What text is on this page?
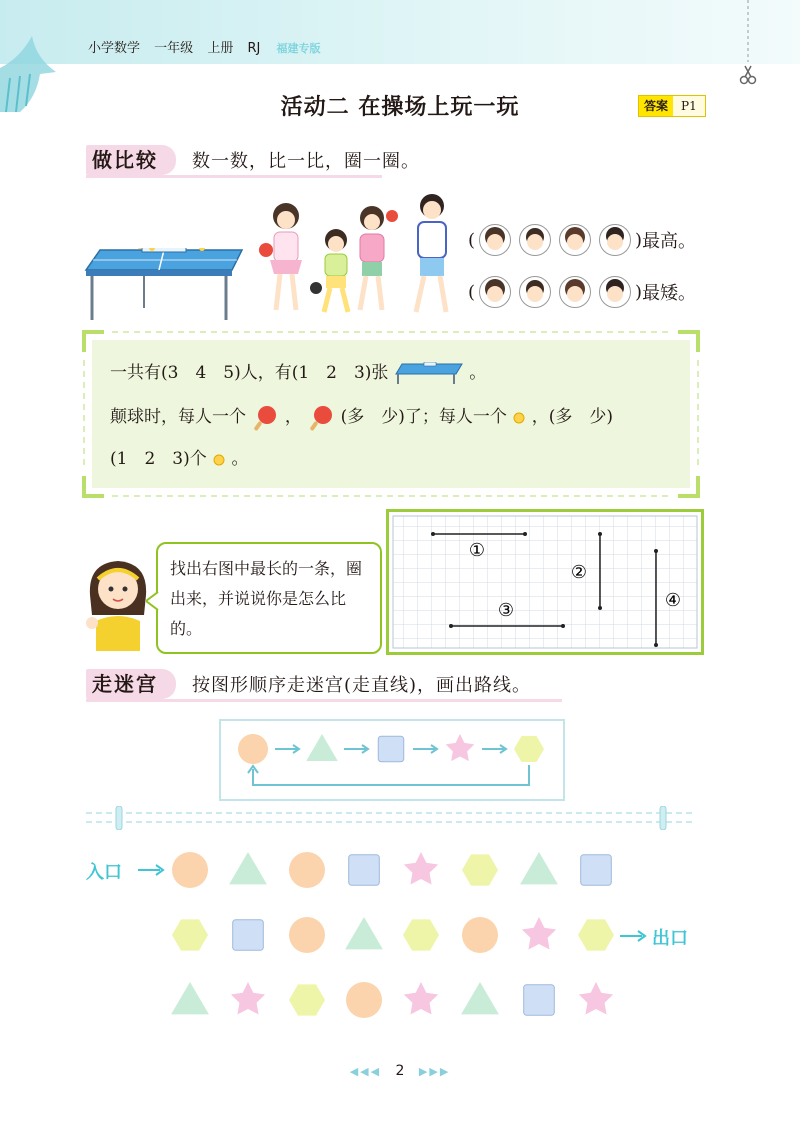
小学数学 一年级 上册 RJ 福建专版
活动二 在操场上玩一玩	答案	P1
做比较	数一数，比一比，圈一圈。
(	) 最高。
(	) 最矮。
一共有(3　4　5)人，有(1　2　3)张	。
颠球时，每人一个 ， (多　少)了；每人一个 ，(多　少)
(1　2　3)个 。
找出右图中最长的一条，圈出来，并说说你是怎么比的。
①
②
③	④
走迷宫	按图形顺序走迷宫(走直线)，画出路线。
入口
出口
◀◀◀ 2 ▶▶▶
